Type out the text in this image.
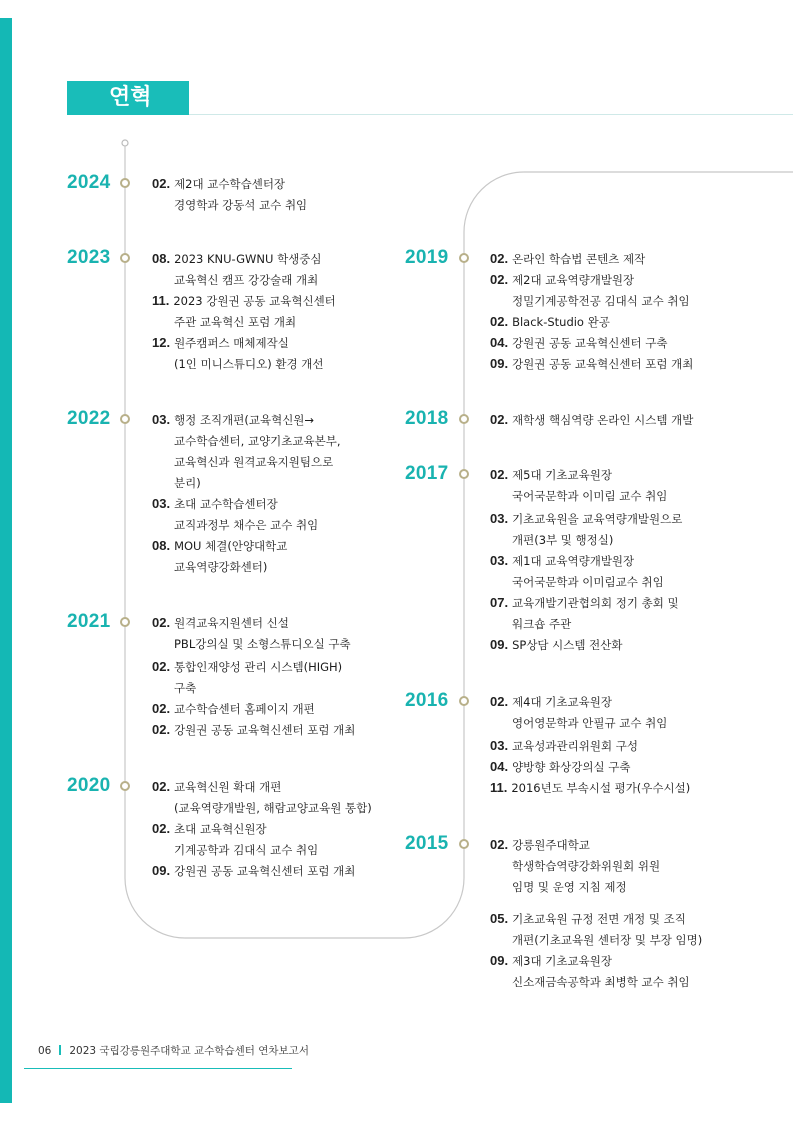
연혁
2024	02. 제2대 교수학습센터장
경영학과 강동석 교수 취임
2023	08. 2023 KNU-GWNU 학생중심
교육혁신 캠프 강강술래 개최
11. 2023 강원권 공동 교육혁신센터
주관 교육혁신 포럼 개최
12. 원주캠퍼스 매체제작실
(1인 미니스튜디오) 환경 개선
2022	03. 행정 조직개편(교육혁신원→
교수학습센터, 교양기초교육본부,
교육혁신과 원격교육지원팀으로
분리)
03. 초대 교수학습센터장
교직과정부 채수은 교수 취임
08. MOU 체결(안양대학교
교육역량강화센터)
2021	02. 원격교육지원센터 신설
PBL강의실 및 소형스튜디오실 구축
02. 통합인재양성 관리 시스템(HIGH)
구축
02. 교수학습센터 홈페이지 개편
02. 강원권 공동 교육혁신센터 포럼 개최
2020	02. 교육혁신원 확대 개편
(교육역량개발원, 해람교양교육원 통합)
02. 초대 교육혁신원장
기계공학과 김대식 교수 취임
09. 강원권 공동 교육혁신센터 포럼 개최
2019	02. 온라인 학습법 콘텐츠 제작
02. 제2대 교육역량개발원장
정밀기계공학전공 김대식 교수 취임
02. Black-Studio 완공
04. 강원권 공동 교육혁신센터 구축
09. 강원권 공동 교육혁신센터 포럼 개최
2018	02. 재학생 핵심역량 온라인 시스템 개발
2017	02. 제5대 기초교육원장
국어국문학과 이미림 교수 취임
03. 기초교육원을 교육역량개발원으로
개편(3부 및 행정실)
03. 제1대 교육역량개발원장
국어국문학과 이미림교수 취임
07. 교육개발기관협의회 정기 총회 및
워크숍 주관
09. SP상담 시스템 전산화
2016	02. 제4대 기초교육원장
영어영문학과 안필규 교수 취임
03. 교육성과관리위원회 구성
04. 양방향 화상강의실 구축
11. 2016년도 부속시설 평가(우수시설)
2015	02. 강릉원주대학교
학생학습역량강화위원회 위원
임명 및 운영 지침 제정
05. 기초교육원 규정 전면 개정 및 조직
개편(기초교육원 센터장 및 부장 임명)
09. 제3대 기초교육원장
신소재금속공학과 최병학 교수 취임
06 2023 국립강릉원주대학교 교수학습센터 연차보고서
